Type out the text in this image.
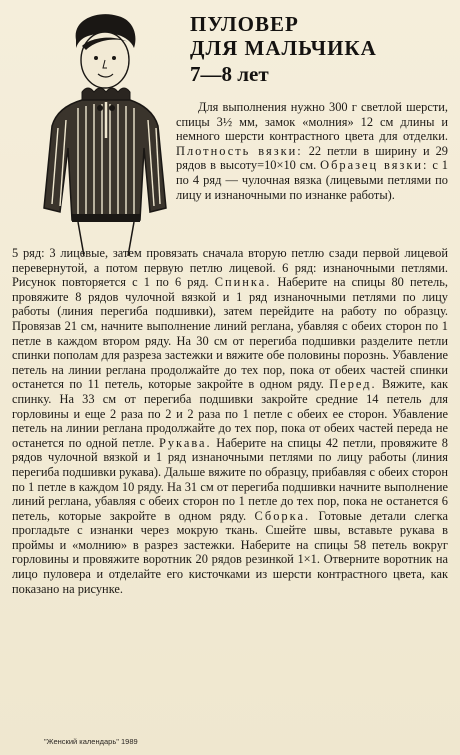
ПУЛОВЕР

ДЛЯ МАЛЬЧИКА

7—8 лет

Для выполнения нужно 300 г светлой шерсти, спицы 3½ мм, замок «молния» 12 см длины и немного шерсти контрастного цвета для отделки. Плотность вязки: 22 петли в ширину и 29 рядов в высоту=10×10 см. Образец вязки: с 1 по 4 ряд — чулочная вязка (лицевыми петлями по лицу и изнаночными по изнанке работы).

5 ряд: 3 лицевые, затем провязать сначала вторую петлю сзади первой лицевой перевернутой, а потом первую петлю лицевой. 6 ряд: изнаночными петлями. Рисунок повторяется с 1 по 6 ряд. Спинка. Наберите на спицы 80 петель, провяжите 8 рядов чулочной вязкой и 1 ряд изнаночными петлями по лицу работы (линия перегиба подшивки), затем перейдите на работу по образцу. Провязав 21 см, начните выполнение линий реглана, убавляя с обеих сторон по 1 петле в каждом втором ряду. На 30 см от перегиба подшивки разделите петли спинки пополам для разреза застежки и вяжите обе половины порознь. Убавление петель на линии реглана продолжайте до тех пор, пока от обеих частей спинки останется по 11 петель, которые закройте в одном ряду. Перед. Вяжите, как спинку. На 33 см от перегиба подшивки закройте средние 14 петель для горловины и еще 2 раза по 2 и 2 раза по 1 петле с обеих ее сторон. Убавление петель на линии реглана продолжайте до тех пор, пока от обеих частей переда не останется по одной петле. Рукава. Наберите на спицы 42 петли, провяжите 8 рядов чулочной вязкой и 1 ряд изнаночными петлями по лицу работы (линия перегиба подшивки рукава). Дальше вяжите по образцу, прибавляя с обеих сторон по 1 петле в каждом 10 ряду. На 31 см от перегиба подшивки начните выполнение линий реглана, убавляя с обеих сторон по 1 петле до тех пор, пока не останется 6 петель, которые закройте в одном ряду. Сборка. Готовые детали слегка прогладьте с изнанки через мокрую ткань. Сшейте швы, вставьте рукава в проймы и «молнию» в разрез застежки. Наберите на спицы 58 петель вокруг горловины и провяжите воротник 20 рядов резинкой 1×1. Отверните воротник на лицо пуловера и отделайте его кисточками из шерсти контрастного цвета, как показано на рисунке.

"Женский календарь" 1989
